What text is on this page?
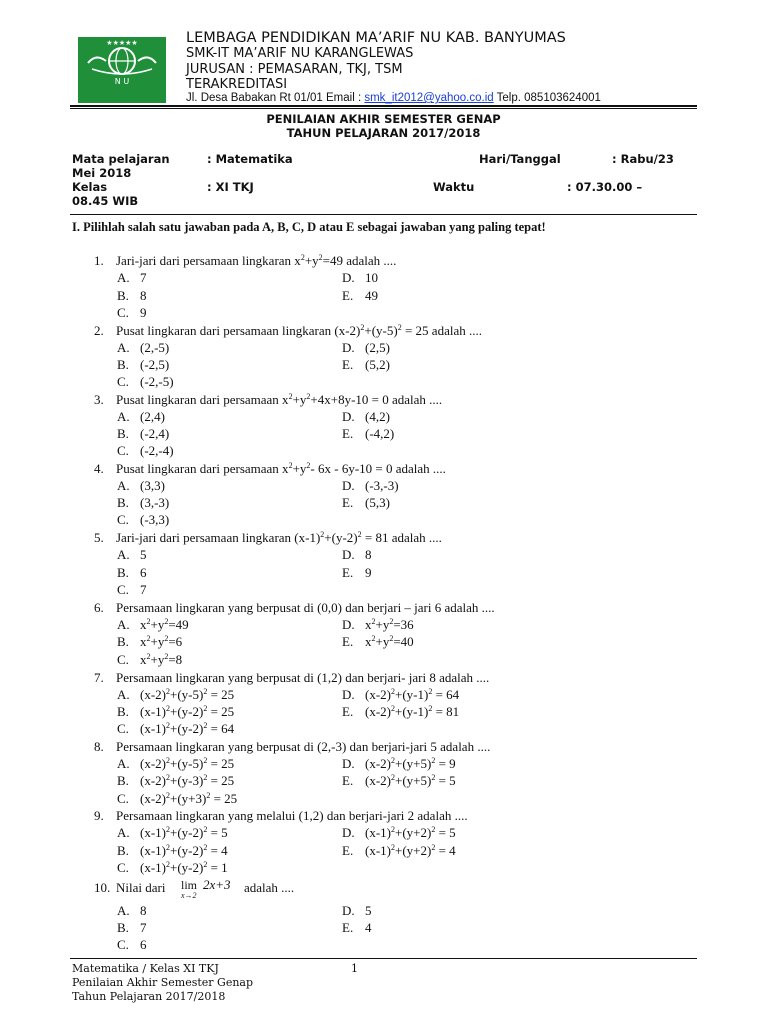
★★★★★
N U
LP MA'ARIF NU
LEMBAGA PENDIDIKAN MA’ARIF NU KAB. BANYUMAS
SMK-IT MA’ARIF NU KARANGLEWAS
JURUSAN : PEMASARAN, TKJ, TSM
TERAKREDITASI
Jl. Desa Babakan Rt 01/01 Email : smk_it2012@yahoo.co.id Telp. 085103624001
PENILAIAN AKHIR SEMESTER GENAP
TAHUN PELAJARAN 2017/2018
Mata pelajaran	: Matematika	Hari/Tanggal	: Rabu/23
Mei 2018
Kelas	: XI TKJ	Waktu	: 07.30.00 –
08.45 WIB
I. Pilihlah salah satu jawaban pada A, B, C, D atau E sebagai jawaban yang paling tepat!
1. Jari-jari dari persamaan lingkaran $x^2+y^2=49$ adalah ....
A. 7	D. 10
B. 8	E. 49
C. 9
2. Pusat lingkaran dari persamaan lingkaran $(x-2)^2+(y-5)^2 = 25$ adalah ....
A. (2,-5)	D. (2,5)
B. (-2,5)	E. (5,2)
C. (-2,-5)
3. Pusat lingkaran dari persamaan $x^2+y^2+4x+8y-10 = 0$ adalah ....
A. (2,4)	D. (4,2)
B. (-2,4)	E. (-4,2)
C. (-2,-4)
4. Pusat lingkaran dari persamaan $x^2+y^2-$ 6x - 6y-10 = 0 adalah ....
A. (3,3)	D. (-3,-3)
B. (3,-3)	E. (5,3)
C. (-3,3)
5. Jari-jari dari persamaan lingkaran $(x-1)^2+(y-2)^2 = 81$ adalah ....
A. 5	D. 8
B. 6	E. 9
C. 7
6. Persamaan lingkaran yang berpusat di (0,0) dan berjari – jari 6 adalah ....
A. $x^2+y^2=49$	D. $x^2+y^2=36$
B. $x^2+y^2=6$	E. $x^2+y^2=40$
C. $x^2+y^2=8$
7. Persamaan lingkaran yang berpusat di (1,2) dan berjari- jari 8 adalah ....
A. $(x-2)^2+(y-5)^2 = 25$	D. $(x-2)^2+(y-1)^2 = 64$
B. $(x-1)^2+(y-2)^2 = 25$	E. $(x-2)^2+(y-1)^2 = 81$
C. $(x-1)^2+(y-2)^2 = 64$
8. Persamaan lingkaran yang berpusat di (2,-3) dan berjari-jari 5 adalah ....
A. $(x-2)^2+(y-5)^2 = 25$	D. $(x-2)^2+(y+5)^2 = 9$
B. $(x-2)^2+(y-3)^2 = 25$	E. $(x-2)^2+(y+5)^2 = 5$
C. $(x-2)^2+(y+3)^2 = 25$
9. Persamaan lingkaran yang melalui (1,2) dan berjari-jari 2 adalah ....
A. $(x-1)^2+(y-2)^2 = 5$	D. $(x-1)^2+(y+2)^2 = 5$
B. $(x-1)^2+(y-2)^2 = 4$	E. $(x-1)^2+(y+2)^2 = 4$
C. $(x-1)^2+(y-2)^2 = 1$
10. Nilai dari lim
x→2
2x+3 adalah ....
A. 8	D. 5
B. 7	E. 4
C. 6
Matematika / Kelas XI TKJ	1
Penilaian Akhir Semester Genap
Tahun Pelajaran 2017/2018
